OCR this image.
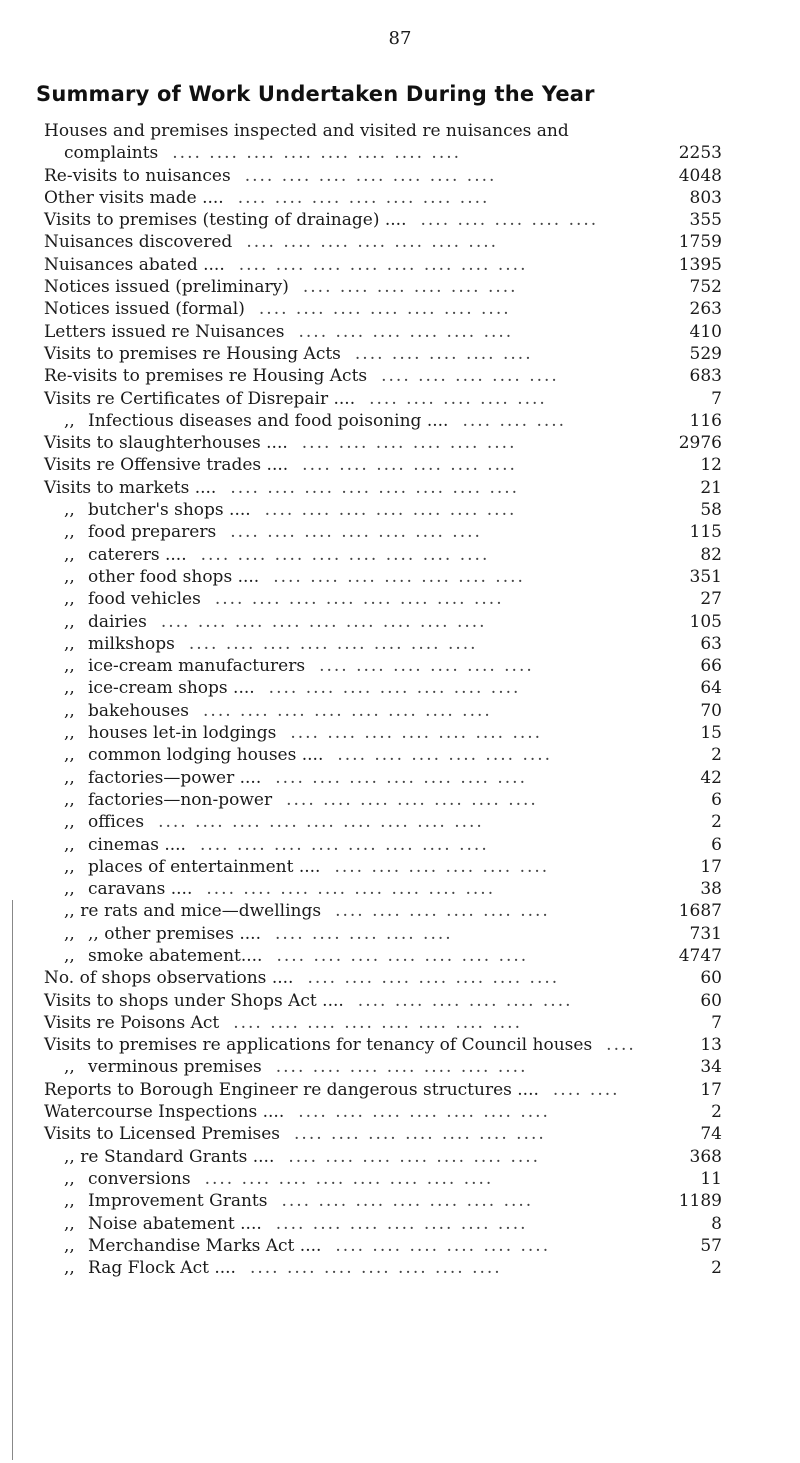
87
Summary of Work Undertaken During the Year
Houses and premises inspected and visited re nuisances and
complaints .... .... .... .... .... .... .... ....	2253
Re-visits to nuisances .... .... .... .... .... .... ....	4048
Other visits made .... .... .... .... .... .... .... ....	803
Visits to premises (testing of drainage) .... .... .... .... .... ....	355
Nuisances discovered .... .... .... .... .... .... ....	1759
Nuisances abated .... .... .... .... .... .... .... .... ....	1395
Notices issued (preliminary) .... .... .... .... .... ....	752
Notices issued (formal) .... .... .... .... .... .... ....	263
Letters issued re Nuisances .... .... .... .... .... ....	410
Visits to premises re Housing Acts .... .... .... .... ....	529
Re-visits to premises re Housing Acts .... .... .... .... ....	683
Visits re Certificates of Disrepair .... .... .... .... .... ....	7
,, Infectious diseases and food poisoning .... .... .... ....	116
Visits to slaughterhouses .... .... .... .... .... .... ....	2976
Visits re Offensive trades .... .... .... .... .... .... ....	12
Visits to markets .... .... .... .... .... .... .... .... ....	21
,, butcher's shops .... .... .... .... .... .... .... ....	58
,, food preparers .... .... .... .... .... .... ....	115
,, caterers .... .... .... .... .... .... .... .... ....	82
,, other food shops .... .... .... .... .... .... .... ....	351
,, food vehicles .... .... .... .... .... .... .... ....	27
,, dairies .... .... .... .... .... .... .... .... ....	105
,, milkshops .... .... .... .... .... .... .... ....	63
,, ice-cream manufacturers .... .... .... .... .... ....	66
,, ice-cream shops .... .... .... .... .... .... .... ....	64
,, bakehouses .... .... .... .... .... .... .... ....	70
,, houses let-in lodgings .... .... .... .... .... .... ....	15
,, common lodging houses .... .... .... .... .... .... ....	2
,, factories—power .... .... .... .... .... .... .... ....	42
,, factories—non-power .... .... .... .... .... .... ....	6
,, offices .... .... .... .... .... .... .... .... ....	2
,, cinemas .... .... .... .... .... .... .... .... ....	6
,, places of entertainment .... .... .... .... .... .... ....	17
,, caravans .... .... .... .... .... .... .... .... ....	38
,, re rats and mice—dwellings .... .... .... .... .... ....	1687
,, ,, other premises .... .... .... .... .... ....	731
,, smoke abatement.... .... .... .... .... .... .... ....	4747
No. of shops observations .... .... .... .... .... .... .... ....	60
Visits to shops under Shops Act .... .... .... .... .... .... ....	60
Visits re Poisons Act .... .... .... .... .... .... .... ....	7
Visits to premises re applications for tenancy of Council houses ....	13
,, verminous premises .... .... .... .... .... .... ....	34
Reports to Borough Engineer re dangerous structures .... .... ....	17
Watercourse Inspections .... .... .... .... .... .... .... ....	2
Visits to Licensed Premises .... .... .... .... .... .... ....	74
,, re Standard Grants .... .... .... .... .... .... .... ....	368
,, conversions .... .... .... .... .... .... .... ....	11
,, Improvement Grants .... .... .... .... .... .... ....	1189
,, Noise abatement .... .... .... .... .... .... .... ....	8
,, Merchandise Marks Act .... .... .... .... .... .... ....	57
,, Rag Flock Act .... .... .... .... .... .... .... ....	2
